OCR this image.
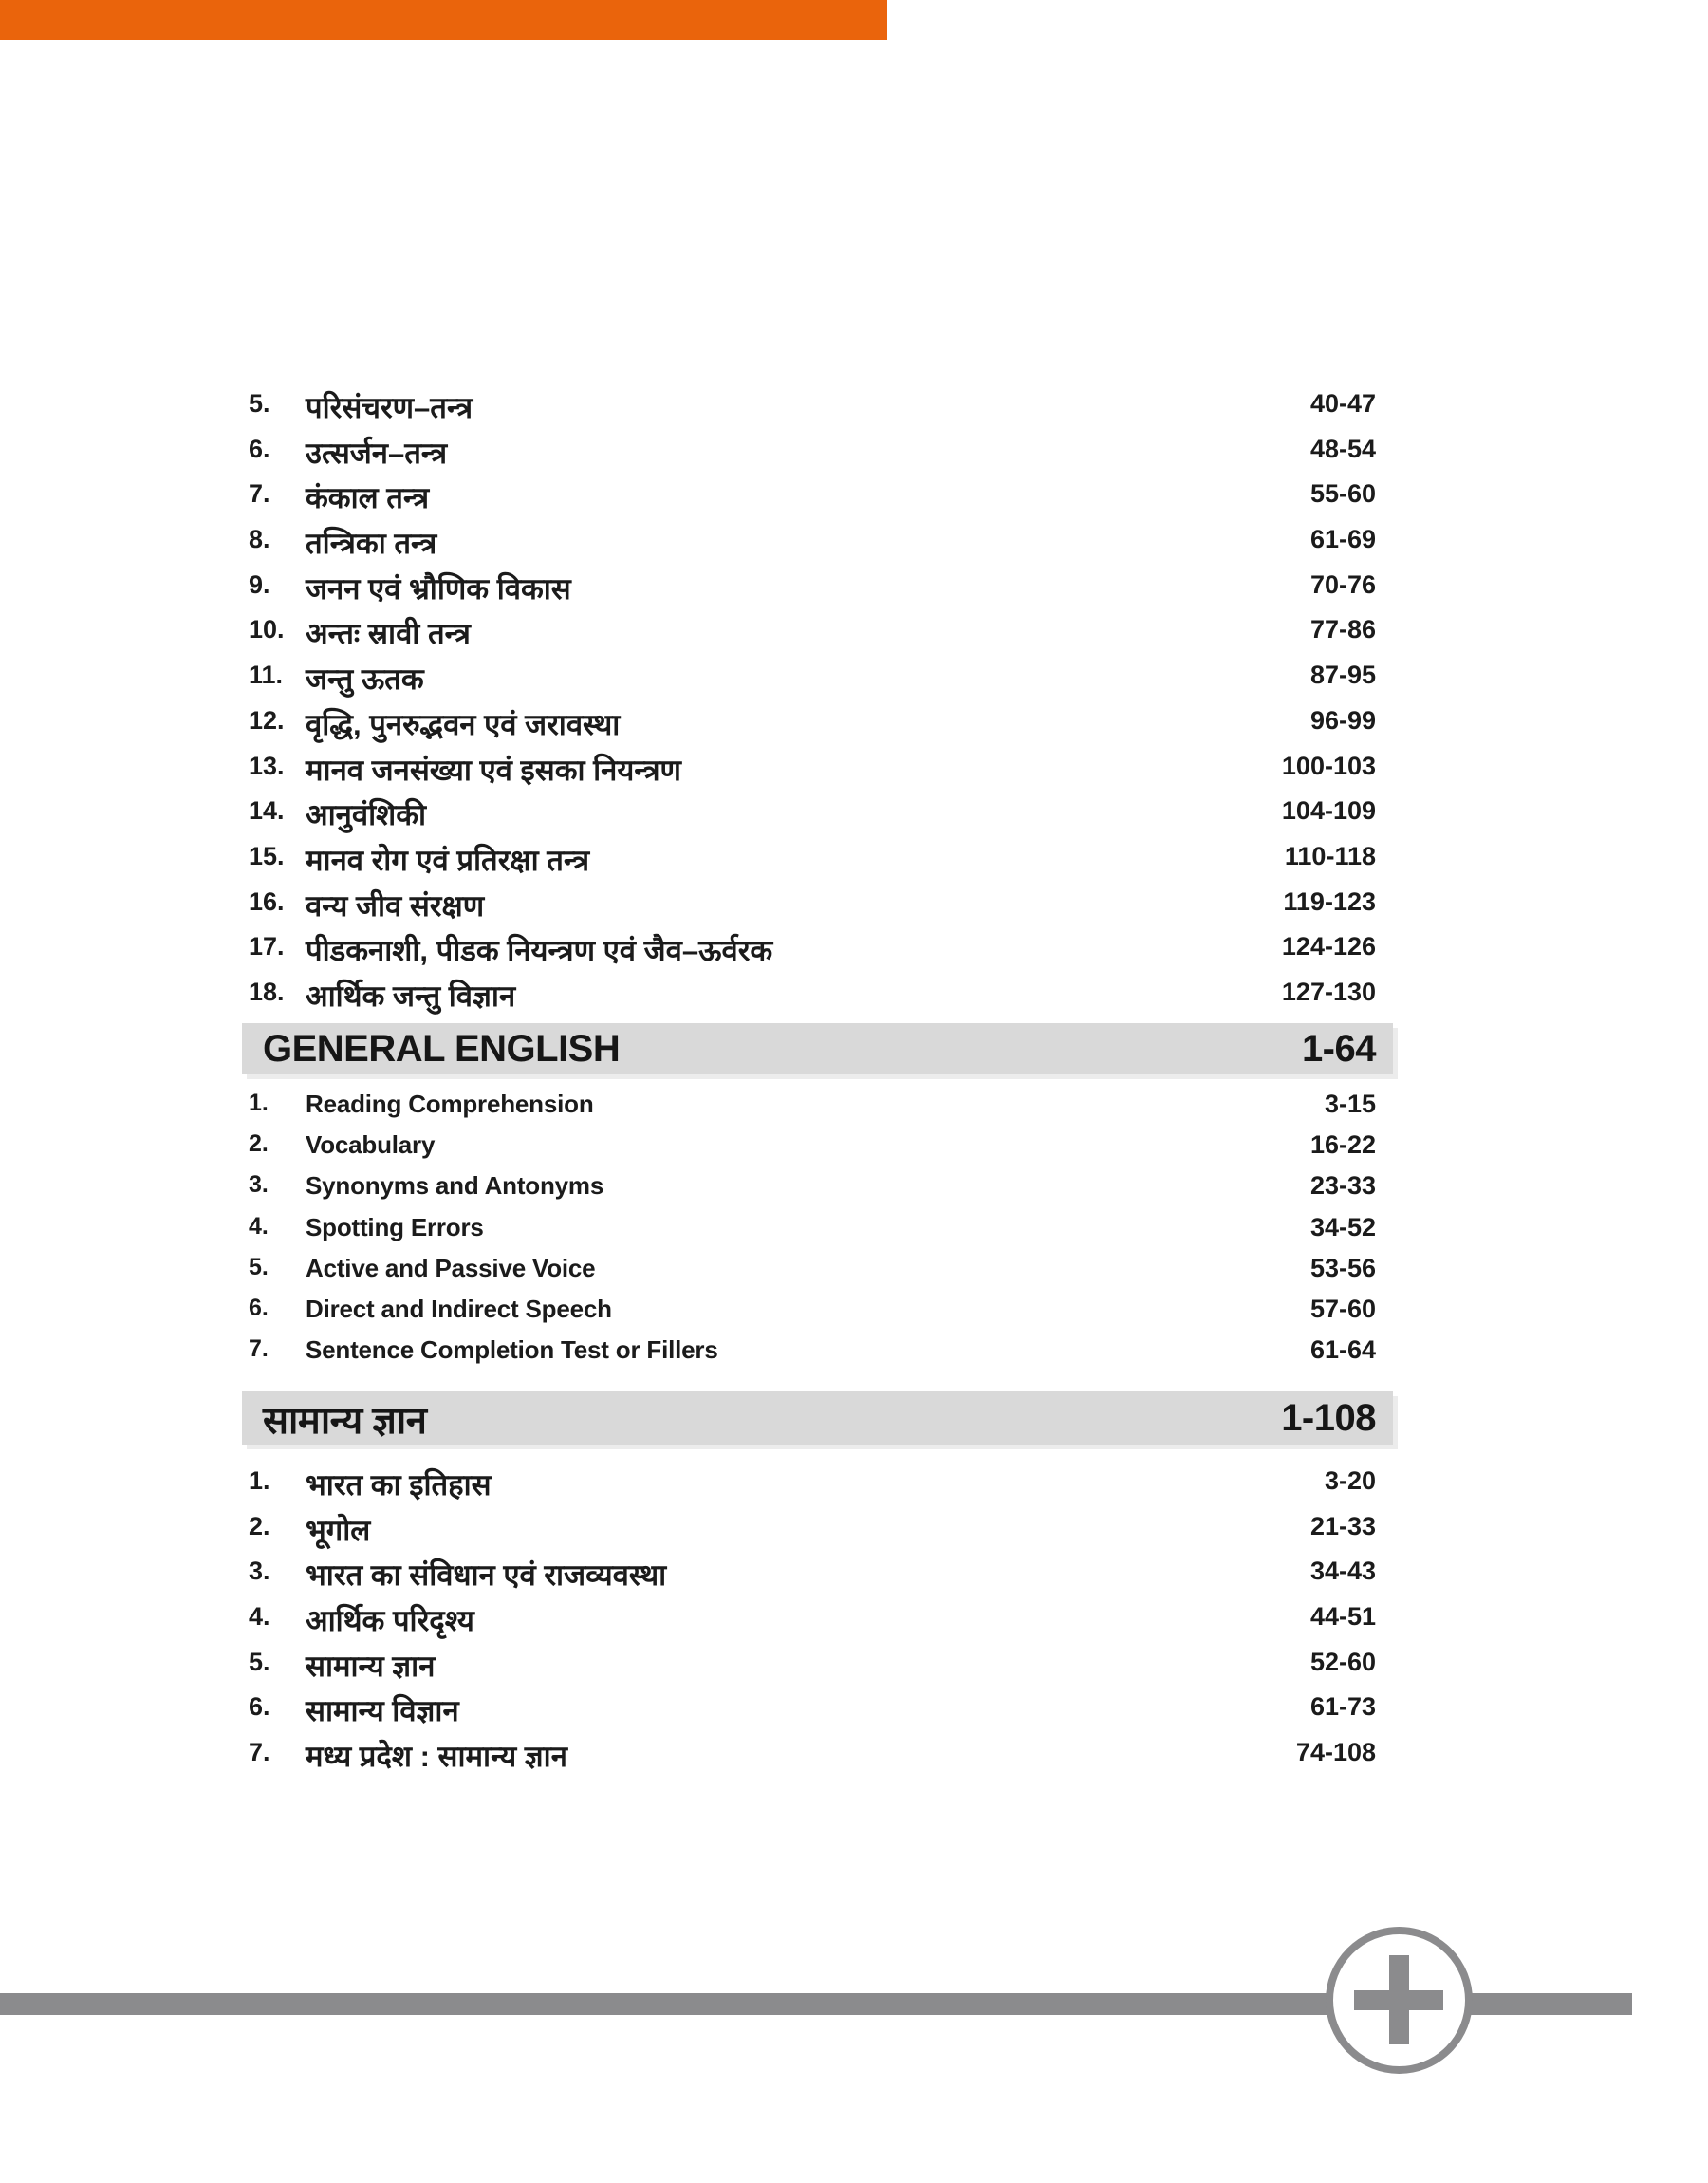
5.	परिसंचरण–तन्त्र	40-47
6.	उत्सर्जन–तन्त्र	48-54
7.	कंकाल तन्त्र	55-60
8.	तन्त्रिका तन्त्र	61-69
9.	जनन एवं भ्रौणिक विकास	70-76
10. अन्तः स्रावी तन्त्र	77-86
11. जन्तु ऊतक	87-95
12. वृद्धि, पुनरुद्भवन एवं जरावस्था	96-99
13. मानव जनसंख्या एवं इसका नियन्त्रण	100-103
14. आनुवंशिकी	104-109
15. मानव रोग एवं प्रतिरक्षा तन्त्र	110-118
16. वन्य जीव संरक्षण	119-123
17. पीडकनाशी, पीडक नियन्त्रण एवं जैव–ऊर्वरक	124-126
18. आर्थिक जन्तु विज्ञान	127-130
GENERAL ENGLISH	1-64
1.	Reading Comprehension	3-15
2.	Vocabulary	16-22
3.	Synonyms and Antonyms	23-33
4.	Spotting Errors	34-52
5.	Active and Passive Voice	53-56
6.	Direct and Indirect Speech	57-60
7.	Sentence Completion Test or Fillers	61-64
सामान्य ज्ञान	1-108
1.	भारत का इतिहास	3-20
2.	भूगोल	21-33
3.	भारत का संविधान एवं राजव्यवस्था	34-43
4.	आर्थिक परिदृश्य	44-51
5.	सामान्य ज्ञान	52-60
6.	सामान्य विज्ञान	61-73
7.	मध्य प्रदेश : सामान्य ज्ञान	74-108
